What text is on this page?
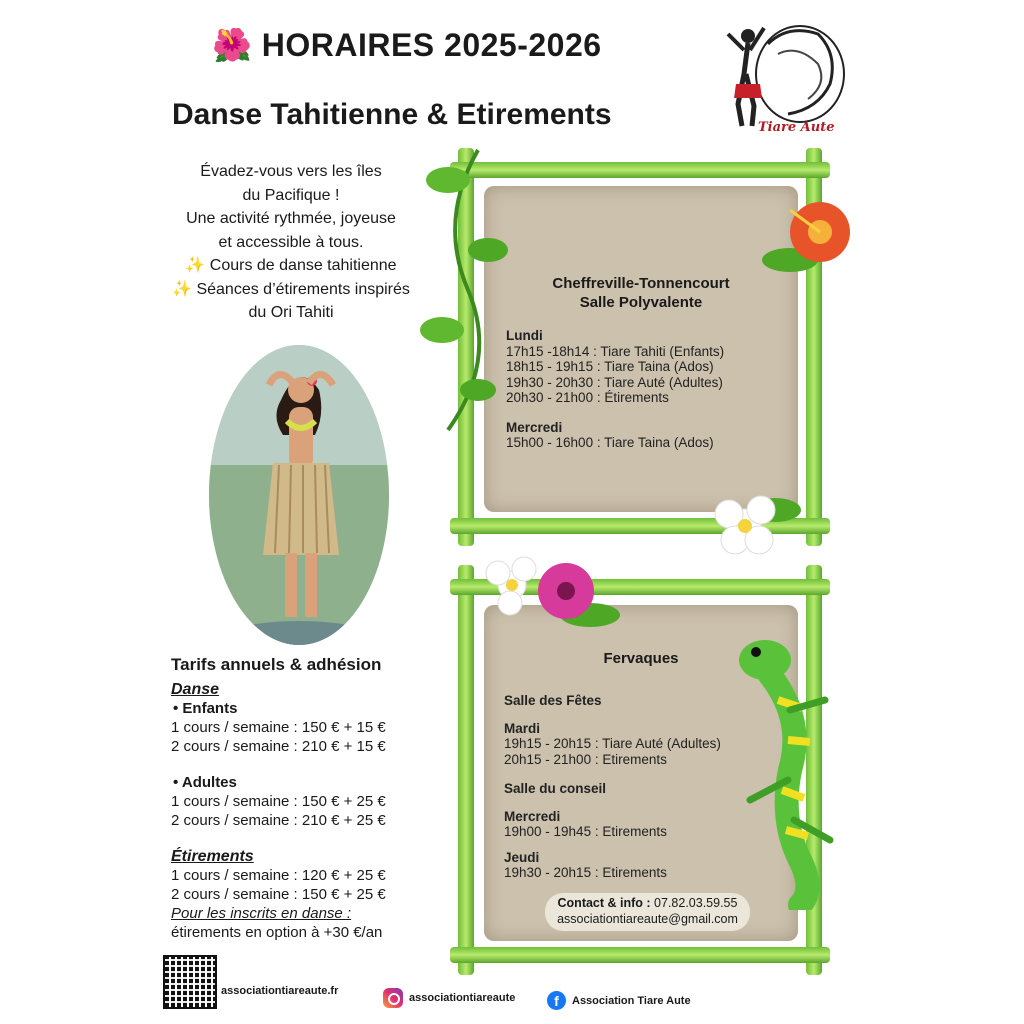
🌺 HORAIRES 2025-2026
Danse Tahitienne & Etirements	Tiare Aute
Évadez-vous vers les îles
du Pacifique !
Une activité rythmée, joyeuse
et accessible à tous.
✨ Cours de danse tahitienne
✨ Séances d’étirements inspirés
du Ori Tahiti
Tarifs annuels & adhésion
Danse
• Enfants
1 cours / semaine : 150 € + 15 €
2 cours / semaine : 210 € + 15 €
• Adultes
1 cours / semaine : 150 € + 25 €
2 cours / semaine : 210 € + 25 €
Étirements
1 cours / semaine : 120 € + 25 €
2 cours / semaine : 150 € + 25 €
Pour les inscrits en danse :
étirements en option à +30 €/an
Cheffreville-Tonnencourt
Salle Polyvalente
Lundi
17h15 -18h14 : Tiare Tahiti (Enfants)
18h15 - 19h15 : Tiare Taina (Ados)
19h30 - 20h30 : Tiare Auté (Adultes)
20h30 - 21h00 : Étirements
Mercredi
15h00 - 16h00 : Tiare Taina (Ados)
Fervaques
Salle des Fêtes
Mardi
19h15 - 20h15 : Tiare Auté (Adultes)
20h15 - 21h00 : Etirements
Salle du conseil
Mercredi
19h00 - 19h45 : Etirements
Jeudi
19h30 - 20h15 : Etirements
Contact & info : 07.82.03.59.55
associationtiareaute@gmail.com
associationtiareaute.fr
associationtiareaute	f	Association Tiare Aute
